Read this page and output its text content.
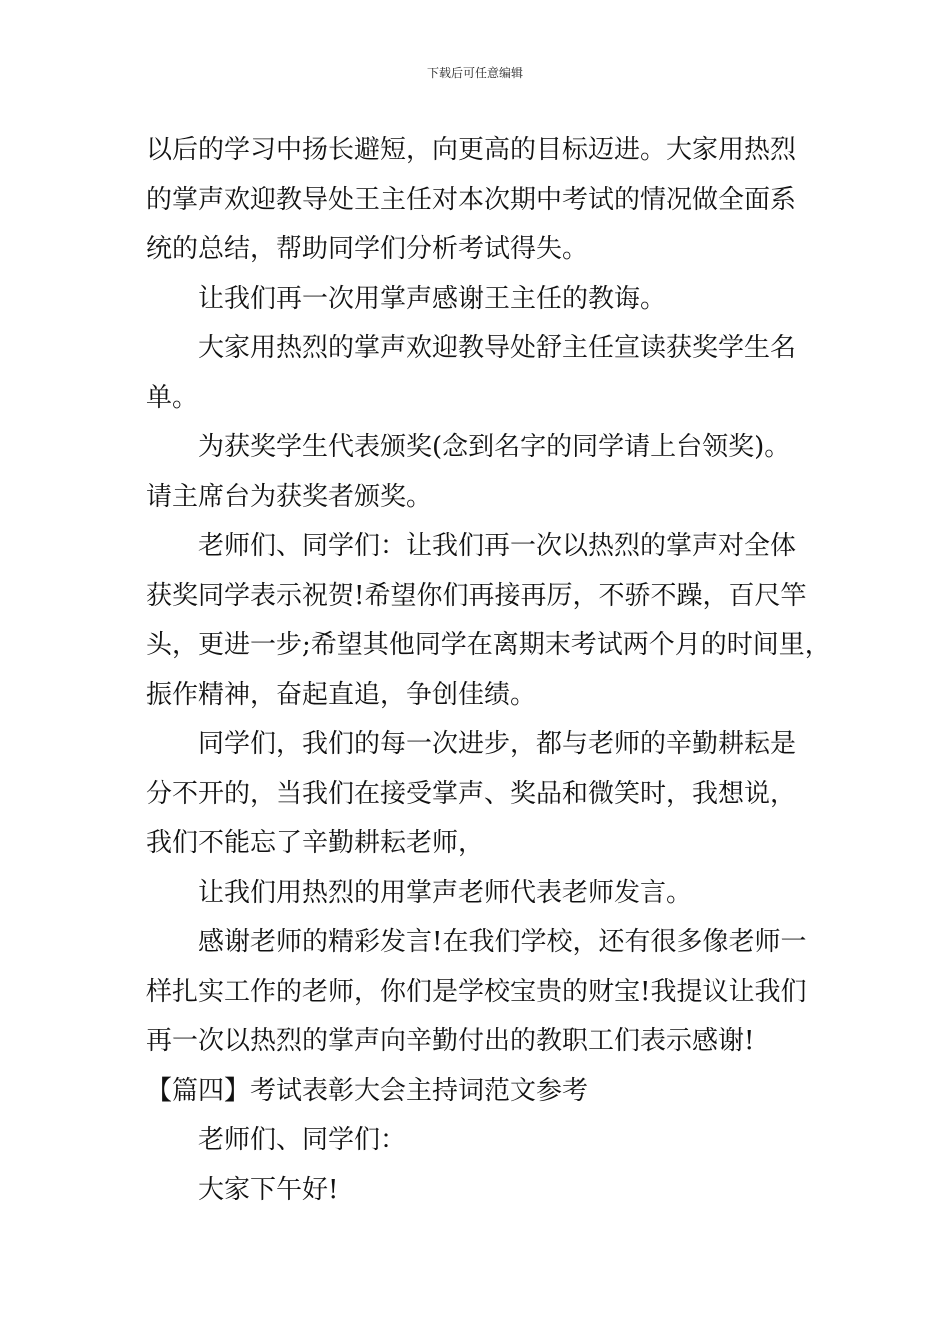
下载后可任意编辑
以后的学习中扬长避短，向更高的目标迈进。大家用热烈
的掌声欢迎教导处王主任对本次期中考试的情况做全面系
统的总结，帮助同学们分析考试得失。
让我们再一次用掌声感谢王主任的教诲。
大家用热烈的掌声欢迎教导处舒主任宣读获奖学生名
单。
为获奖学生代表颁奖(念到名字的同学请上台领奖)。
请主席台为获奖者颁奖。
老师们、同学们：让我们再一次以热烈的掌声对全体
获奖同学表示祝贺!希望你们再接再厉，不骄不躁，百尺竿
头，更进一步;希望其他同学在离期末考试两个月的时间里，
振作精神，奋起直追，争创佳绩。
同学们，我们的每一次进步，都与老师的辛勤耕耘是
分不开的，当我们在接受掌声、奖品和微笑时，我想说，
我们不能忘了辛勤耕耘老师，
让我们用热烈的用掌声老师代表老师发言。
感谢老师的精彩发言!在我们学校，还有很多像老师一
样扎实工作的老师，你们是学校宝贵的财宝!我提议让我们
再一次以热烈的掌声向辛勤付出的教职工们表示感谢!
【篇四】考试表彰大会主持词范文参考
老师们、同学们：
大家下午好!
